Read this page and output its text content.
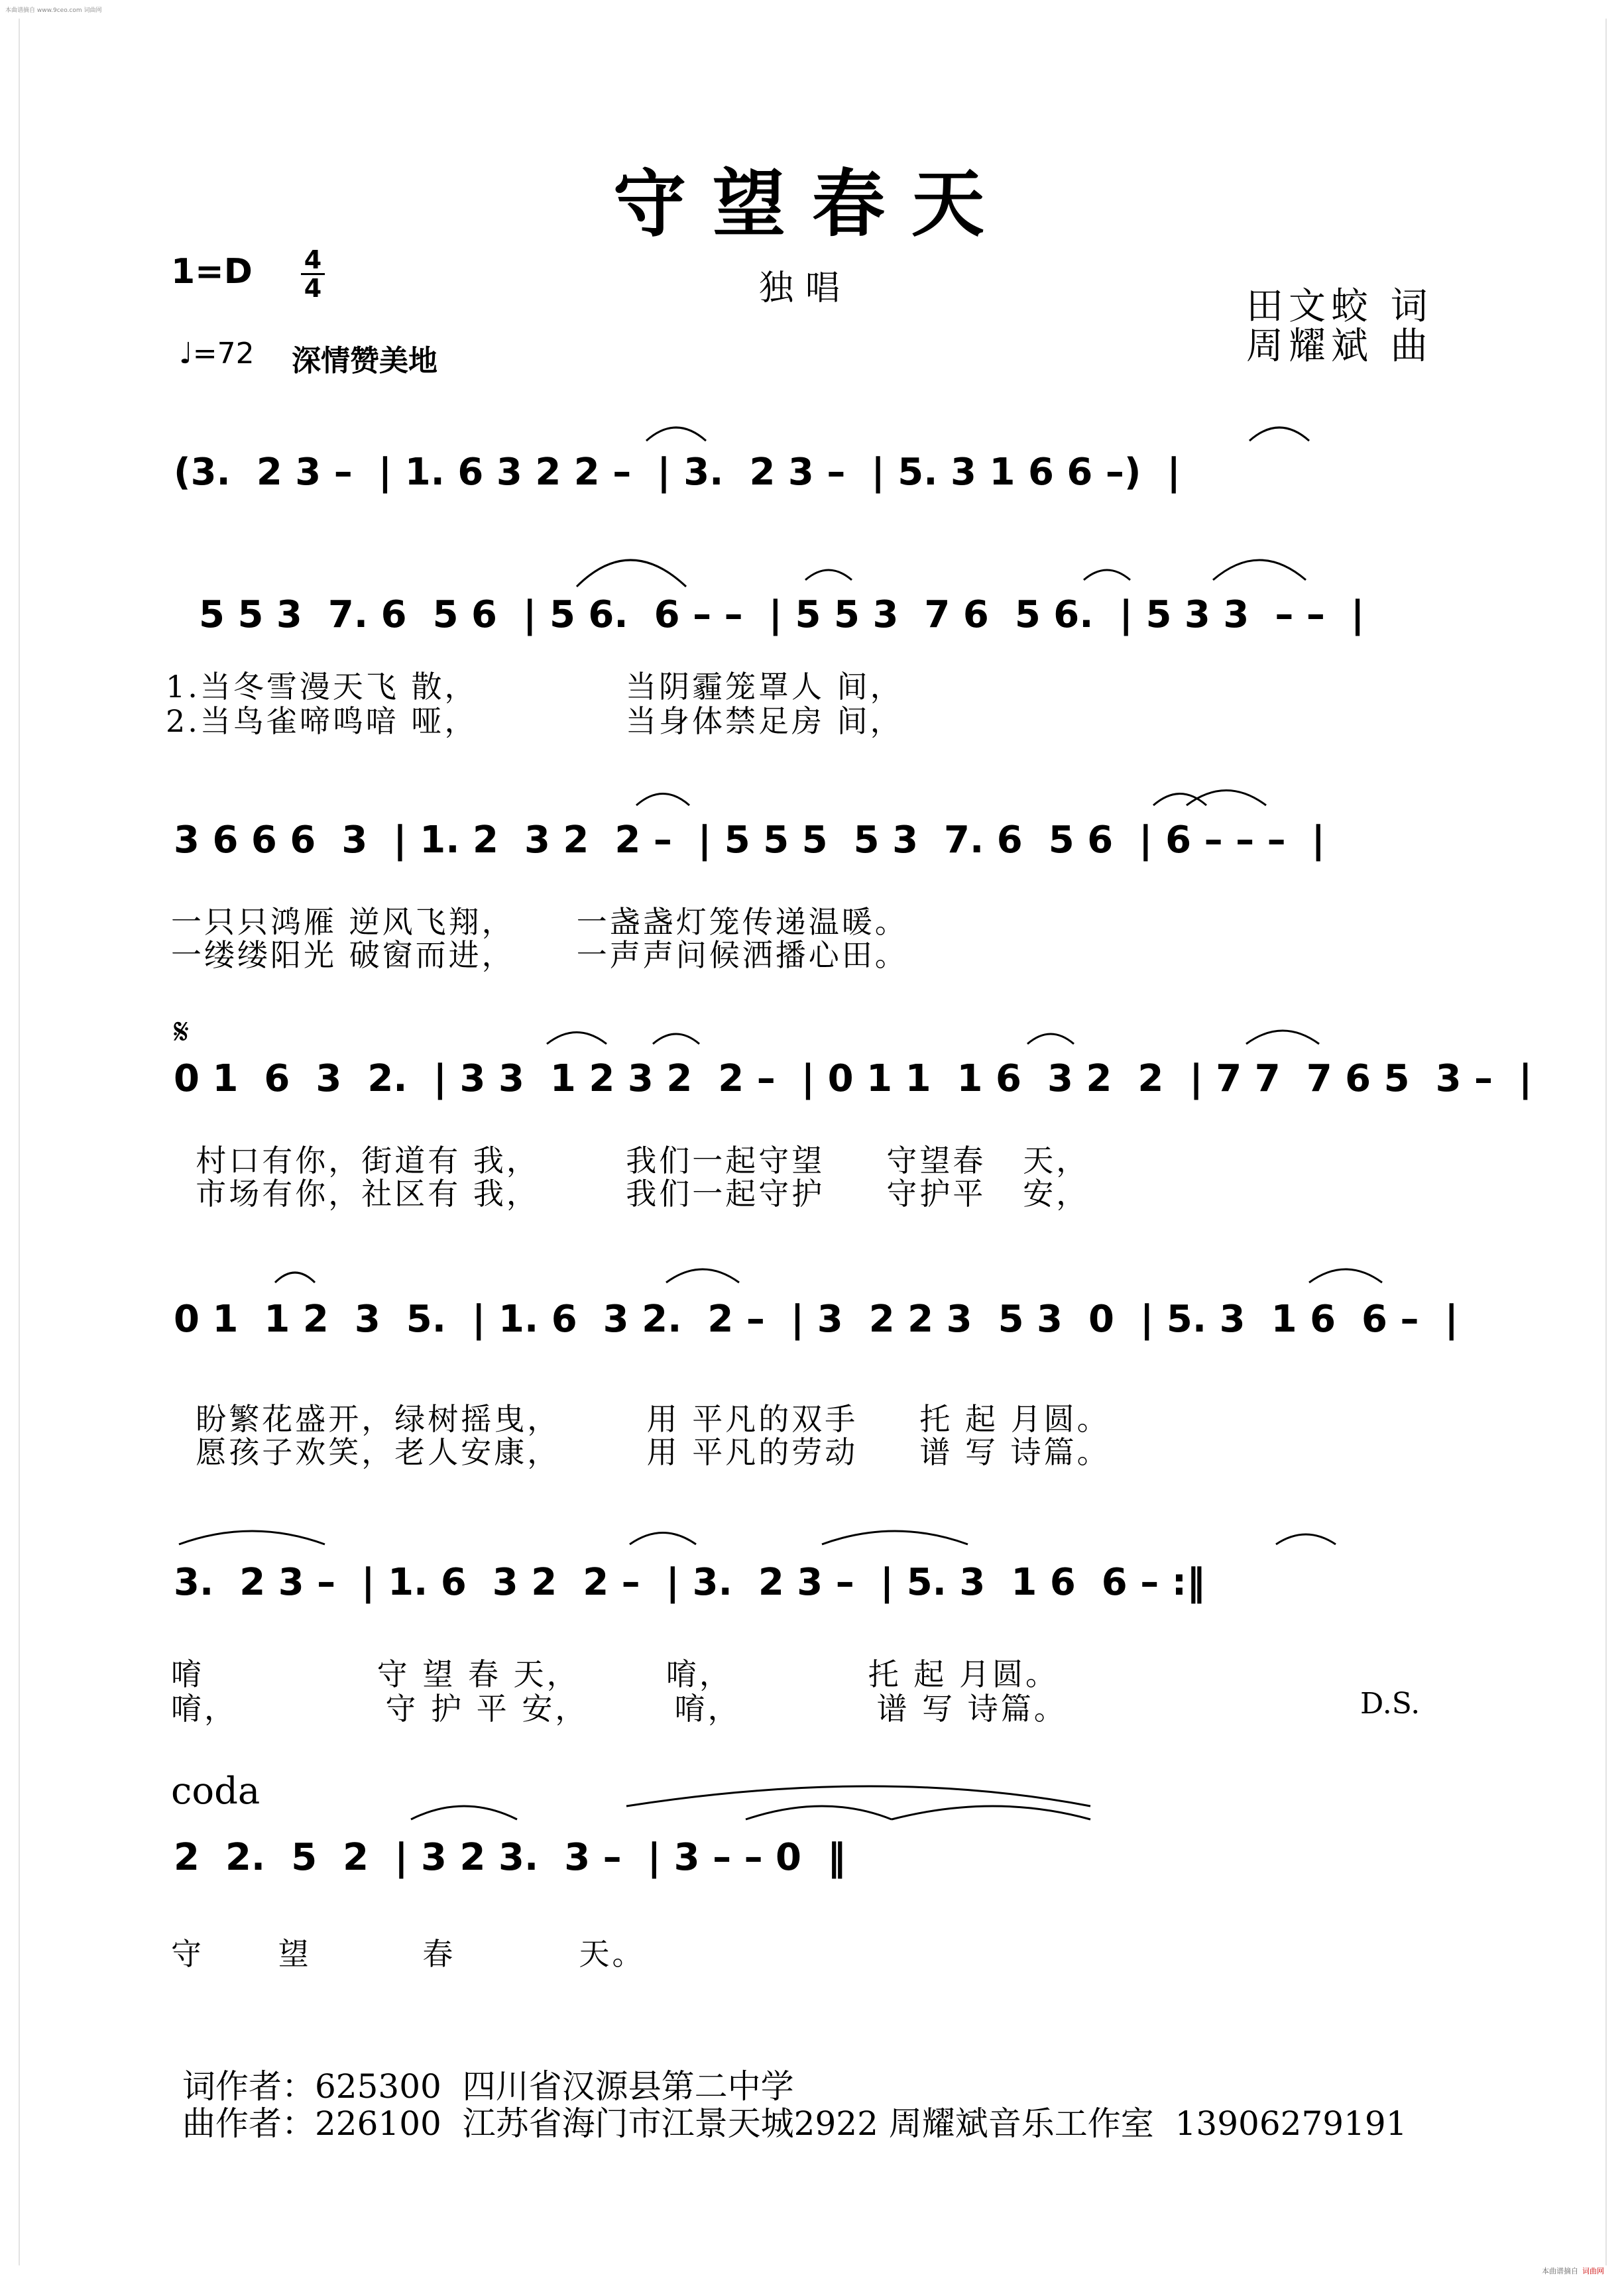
本曲谱摘自 www.9ceo.com 词曲网
本曲谱摘自 词曲网
守望春天
1=D 4
4
♩=72 深情赞美地
独唱	田文蛟 词
周耀斌 曲
(3.  2 3 –  | 1. 6 3 2 2 –  | 3.  2 3 –  | 5. 3 1 6 6 –)  |
5 5 3  7. 6  5 6  | 5 6.  6 – –  | 5 5 3  7 6  5 6.  | 5 3 3  – –  |
1.当冬雪漫天飞 散，            当阴霾笼罩人 间，
2.当鸟雀啼鸣喑 哑，            当身体禁足房 间，
3 6 6 6  3  | 1. 2  3 2  2 –  | 5 5 5  5 3  7. 6  5 6  | 6 – – –  |
一只只鸿雁 逆风飞翔，     一盏盏灯笼传递温暖。
一缕缕阳光 破窗而进，     一声声问候洒播心田。
𝄋
0 1  6  3  2.  | 3 3  1 2 3 2  2 –  | 0 1 1  1 6  3 2  2  | 7 7  7 6 5  3 –  |
村口有你，街道有 我，       我们一起守望     守望春   天，
市场有你，社区有 我，       我们一起守护     守护平   安，
0 1  1 2  3  5.  | 1. 6  3 2.  2 –  | 3  2 2 3  5 3  0  | 5. 3  1 6  6 –  |
盼繁花盛开，绿树摇曳，       用 平凡的双手     托 起 月圆。
愿孩子欢笑，老人安康，       用 平凡的劳动     谱 写 诗篇。
3.  2 3 –  | 1. 6  3 2  2 –  | 3.  2 3 –  | 5. 3  1 6  6 – :‖
唷              守 望 春 天，       唷，           托 起 月圆。
唷，            守 护 平 安，       唷，           谱 写 诗篇。	D.S.
coda
2  2.  5  2  | 3 2 3.  3 –  | 3 – – 0  ‖
守      望         春          天。
词作者：625300  四川省汉源县第二中学
曲作者：226100  江苏省海门市江景天城2922 周耀斌音乐工作室  13906279191
